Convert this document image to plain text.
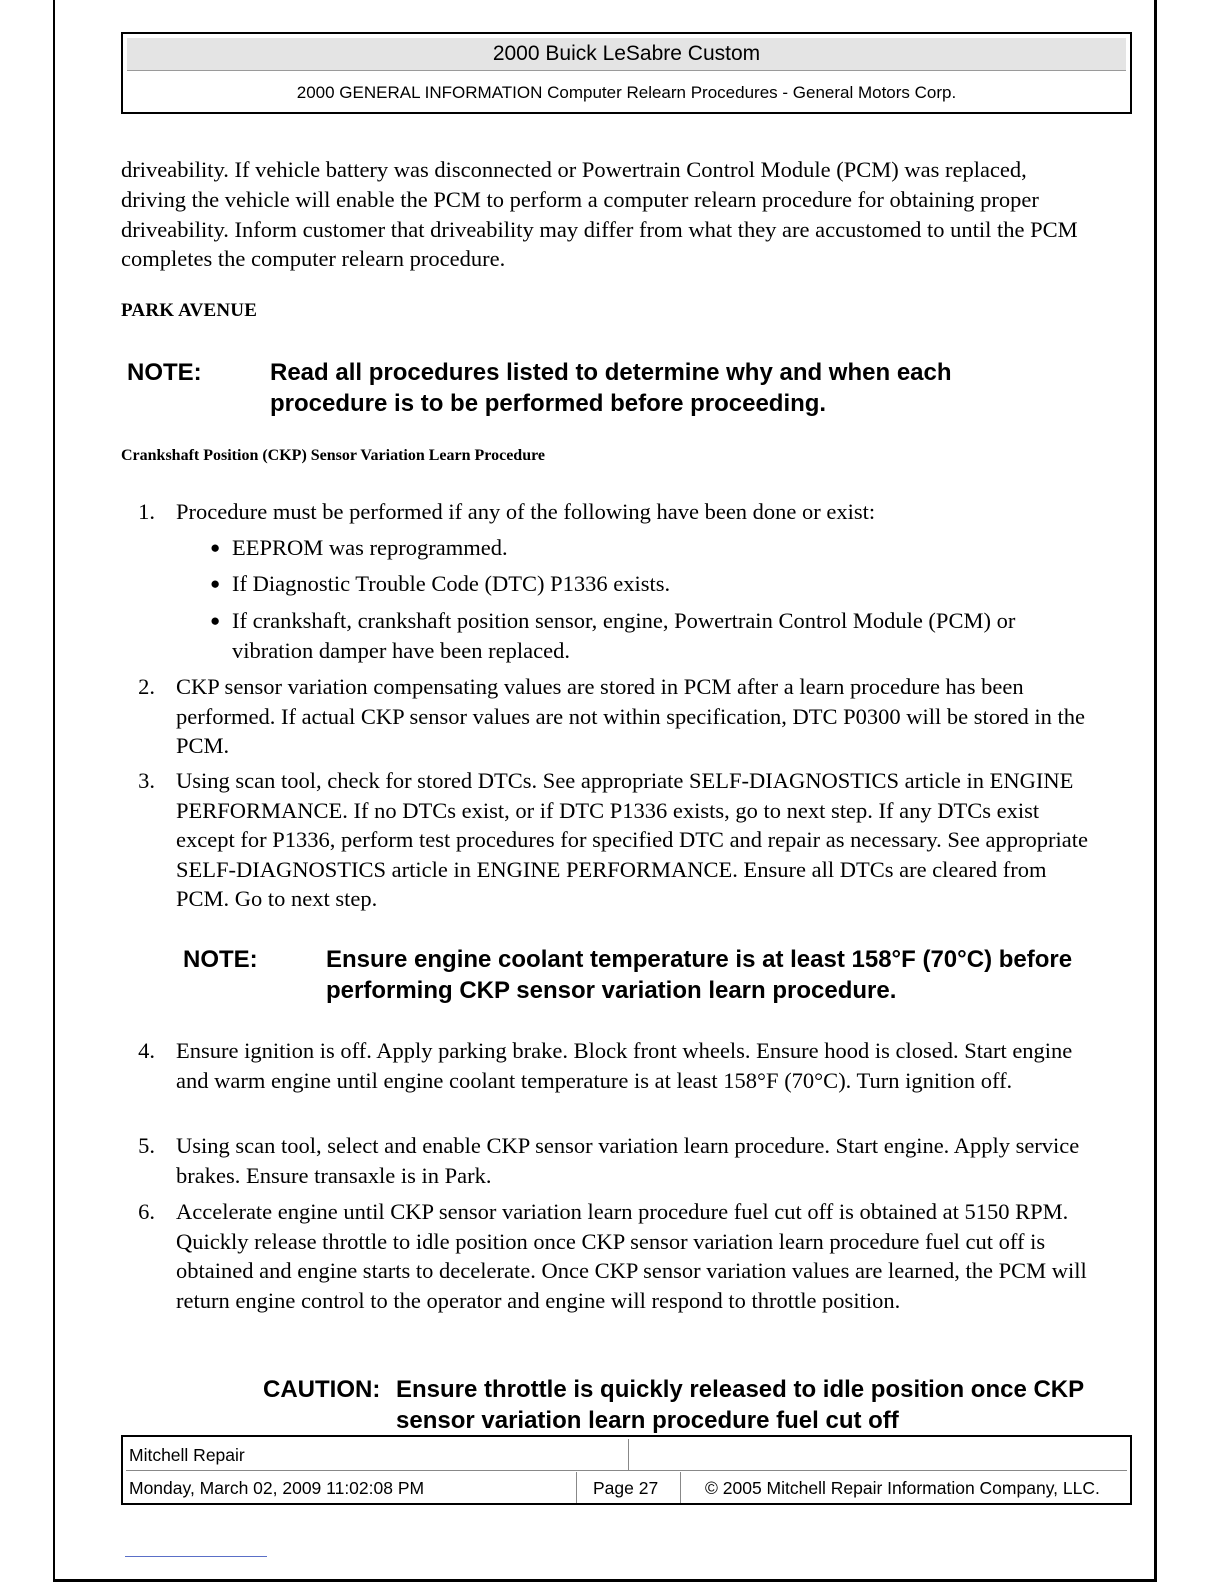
2000 Buick LeSabre Custom
2000 GENERAL INFORMATION Computer Relearn Procedures - General Motors Corp.

driveability. If vehicle battery was disconnected or Powertrain Control Module (PCM) was replaced, driving the vehicle will enable the PCM to perform a computer relearn procedure for obtaining proper driveability. Inform customer that driveability may differ from what they are accustomed to until the PCM completes the computer relearn procedure.

PARK AVENUE
NOTE:	Read all procedures listed to determine why and when each procedure is to be performed before proceeding.
Crankshaft Position (CKP) Sensor Variation Learn Procedure
1. Procedure must be performed if any of the following have been done or exist:
● EEPROM was reprogrammed.
● If Diagnostic Trouble Code (DTC) P1336 exists.
● If crankshaft, crankshaft position sensor, engine, Powertrain Control Module (PCM) or vibration damper have been replaced.
2. CKP sensor variation compensating values are stored in PCM after a learn procedure has been performed. If actual CKP sensor values are not within specification, DTC P0300 will be stored in the PCM.
3. Using scan tool, check for stored DTCs. See appropriate SELF-DIAGNOSTICS article in ENGINE PERFORMANCE. If no DTCs exist, or if DTC P1336 exists, go to next step. If any DTCs exist except for P1336, perform test procedures for specified DTC and repair as necessary. See appropriate SELF-DIAGNOSTICS article in ENGINE PERFORMANCE. Ensure all DTCs are cleared from PCM. Go to next step.
NOTE:	Ensure engine coolant temperature is at least 158°F (70°C) before performing CKP sensor variation learn procedure.
4. Ensure ignition is off. Apply parking brake. Block front wheels. Ensure hood is closed. Start engine and warm engine until engine coolant temperature is at least 158°F (70°C). Turn ignition off.
5. Using scan tool, select and enable CKP sensor variation learn procedure. Start engine. Apply service brakes. Ensure transaxle is in Park.
6. Accelerate engine until CKP sensor variation learn procedure fuel cut off is obtained at 5150 RPM. Quickly release throttle to idle position once CKP sensor variation learn procedure fuel cut off is obtained and engine starts to decelerate. Once CKP sensor variation values are learned, the PCM will return engine control to the operator and engine will respond to throttle position.
CAUTION: Ensure throttle is quickly released to idle position once CKP sensor variation learn procedure fuel cut off
Mitchell Repair
Monday, March 02, 2009 11:02:08 PM	Page 27	© 2005 Mitchell Repair Information Company, LLC.
